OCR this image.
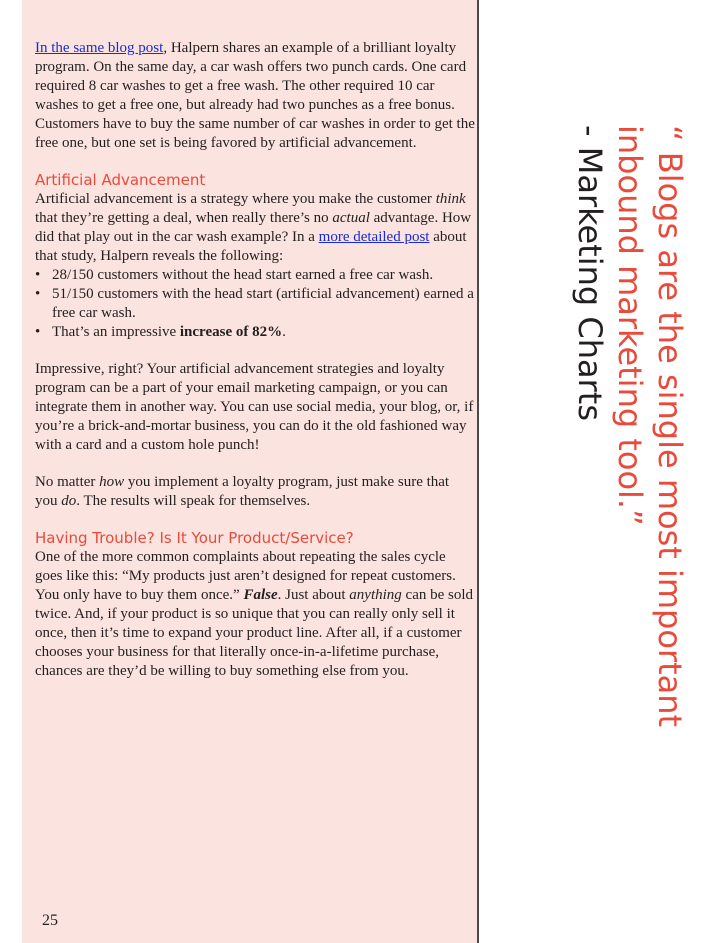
In the same blog post, Halpern shares an example of a brilliant loyalty program. On the same day, a car wash offers two punch cards. One card required 8 car washes to get a free wash. The other required 10 car washes to get a free one, but already had two punches as a free bonus. Customers have to buy the same number of car washes in order to get the free one, but one set is being favored by artificial advancement.

Artificial Advancement
Artificial advancement is a strategy where you make the customer think that they’re getting a deal, when really there’s no actual advantage. How did that play out in the car wash example? In a more detailed post about that study, Halpern reveals the following:
• 28/150 customers without the head start earned a free car wash.
• 51/150 customers with the head start (artificial advancement) earned a free car wash.
• That’s an impressive increase of 82%.

Impressive, right? Your artificial advancement strategies and loyalty program can be a part of your email marketing campaign, or you can integrate them in another way. You can use social media, your blog, or, if you’re a brick-and-mortar business, you can do it the old fashioned way with a card and a custom hole punch!

No matter how you implement a loyalty program, just make sure that you do. The results will speak for themselves.

Having Trouble? Is It Your Product/Service?
One of the more common complaints about repeating the sales cycle goes like this: “My products just aren’t designed for repeat customers. You only have to buy them once.” False. Just about anything can be sold twice. And, if your product is so unique that you can really only sell it once, then it’s time to expand your product line. After all, if a customer chooses your business for that literally once-in-a-lifetime purchase, chances are they’d be willing to buy something else from you.
25
“ Blogs are the single most important
inbound marketing tool.”
- Marketing Charts
